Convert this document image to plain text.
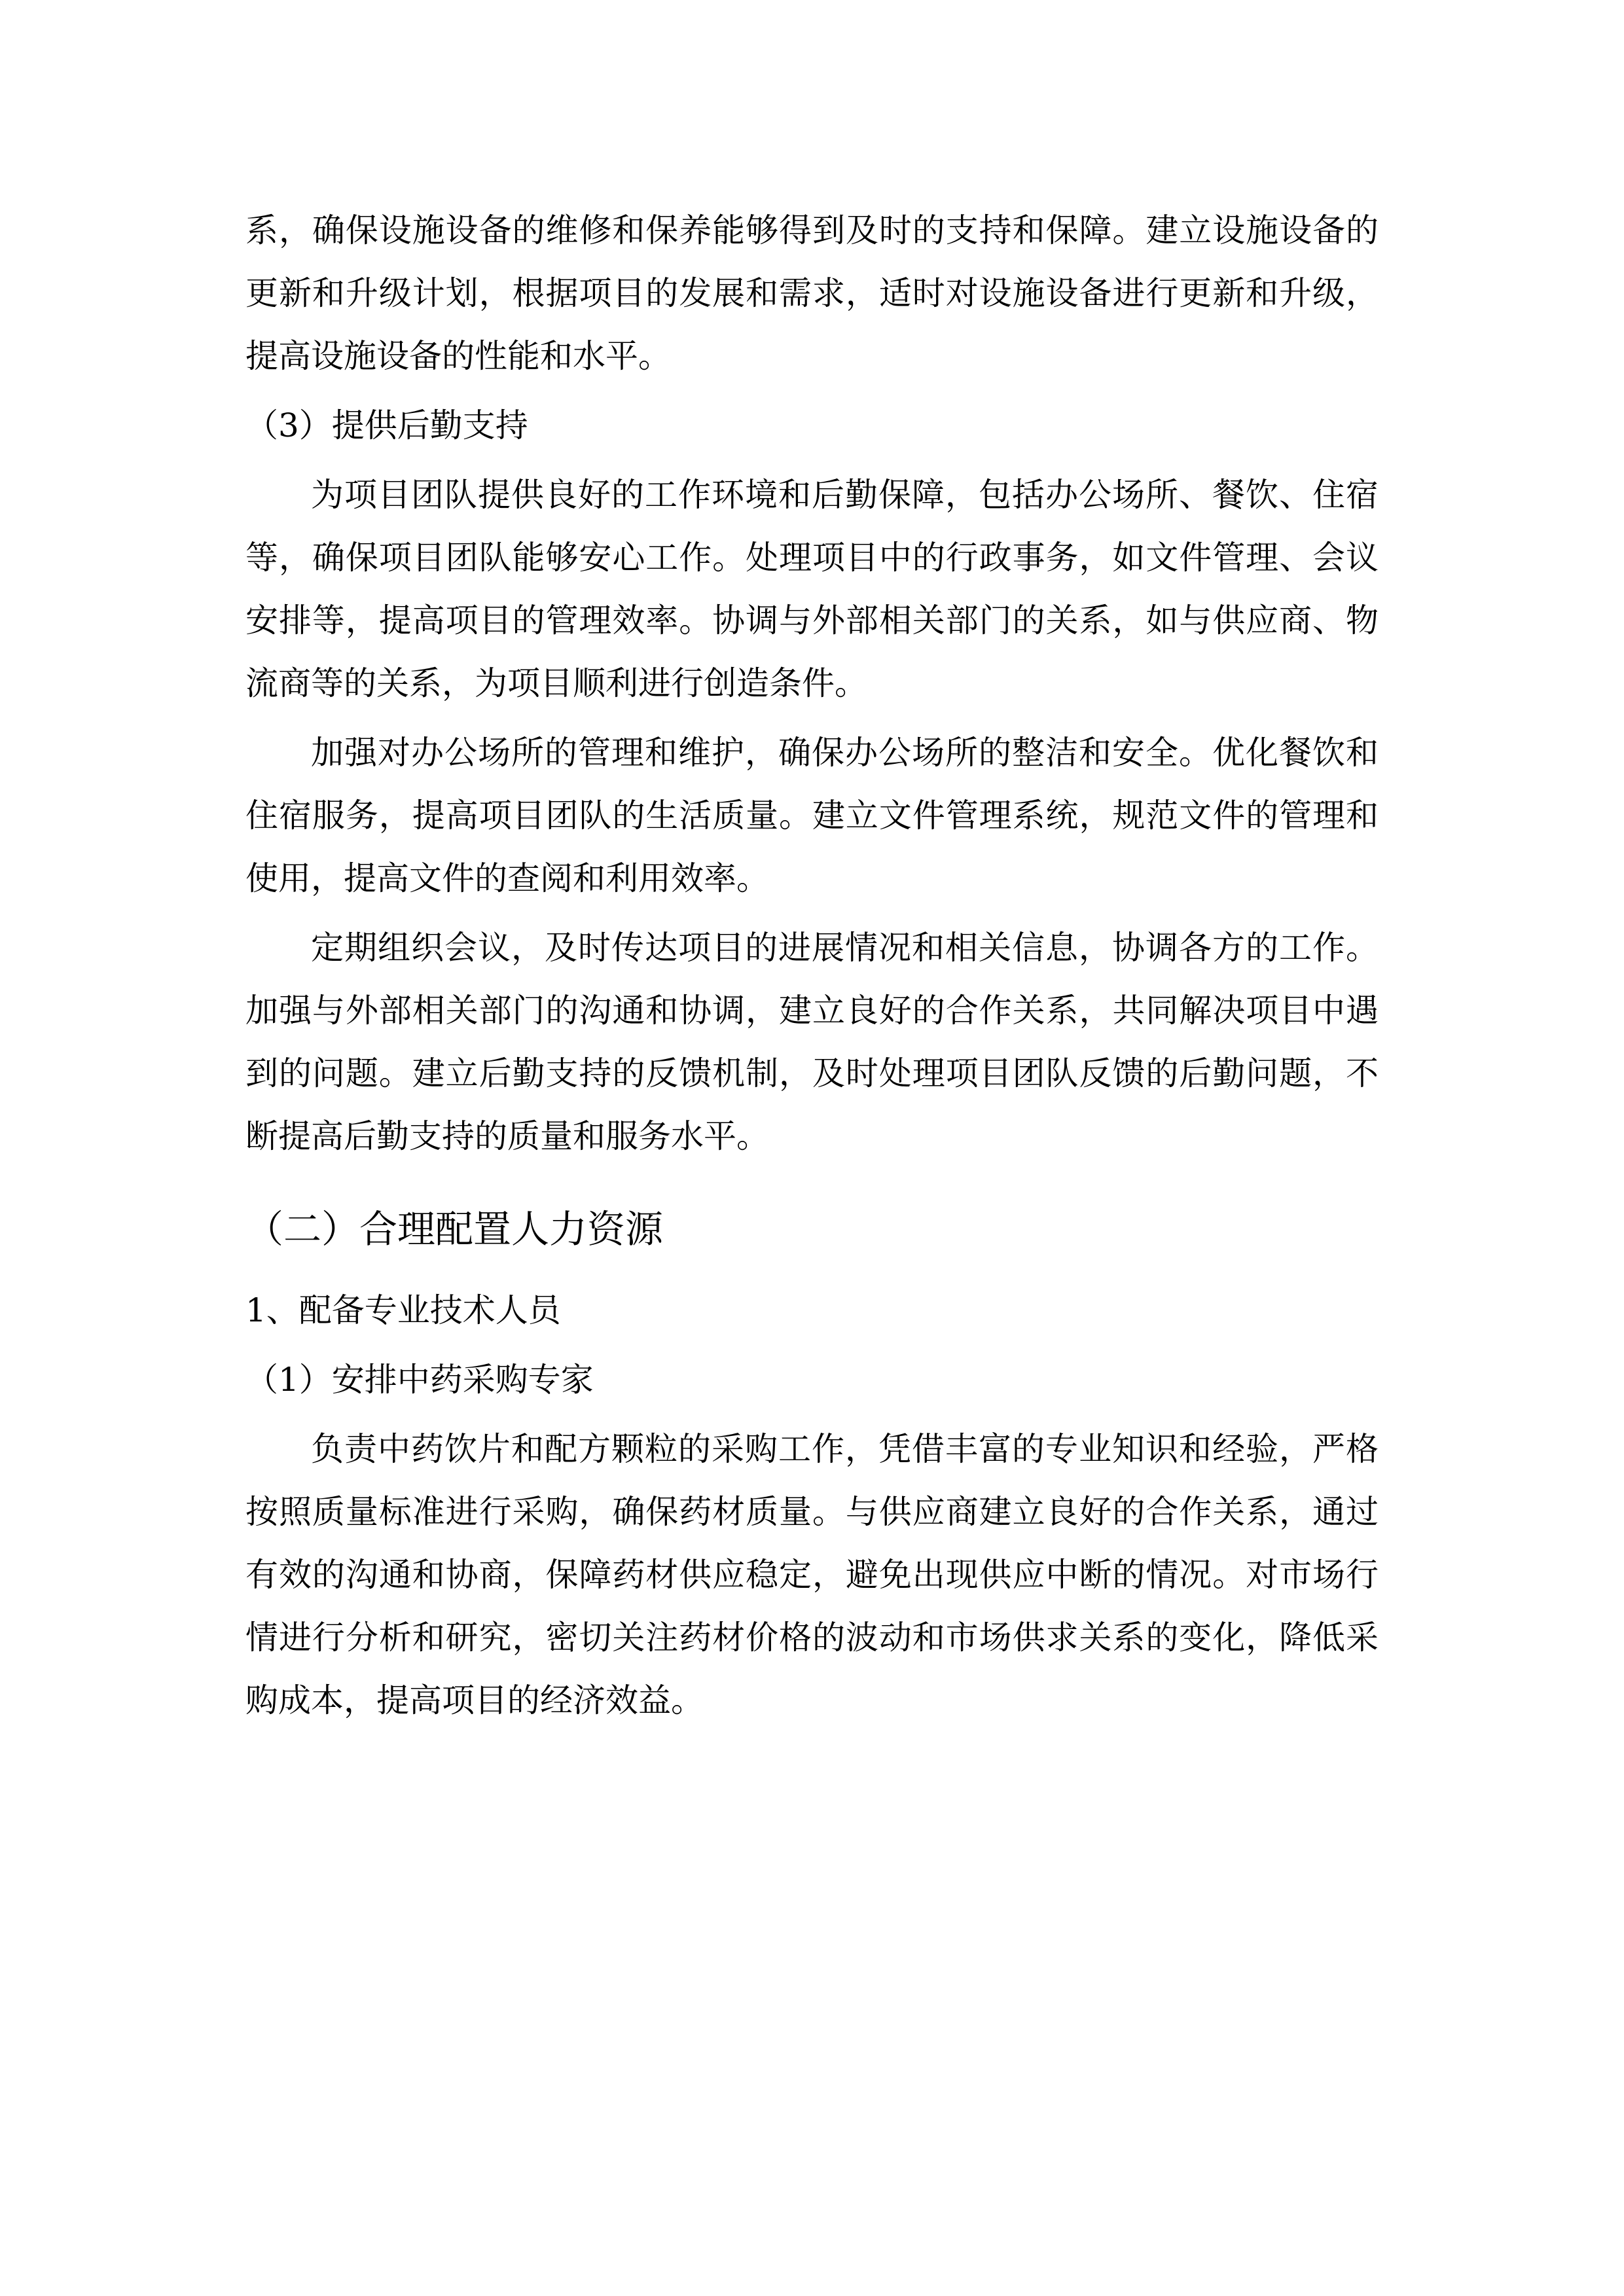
系，确保设施设备的维修和保养能够得到及时的支持和保障。建立设施设备的更新和升级计划，根据项目的发展和需求，适时对设施设备进行更新和升级，提高设施设备的性能和水平。

（3）提供后勤支持

为项目团队提供良好的工作环境和后勤保障，包括办公场所、餐饮、住宿等，确保项目团队能够安心工作。处理项目中的行政事务，如文件管理、会议安排等，提高项目的管理效率。协调与外部相关部门的关系，如与供应商、物流商等的关系，为项目顺利进行创造条件。

加强对办公场所的管理和维护，确保办公场所的整洁和安全。优化餐饮和住宿服务，提高项目团队的生活质量。建立文件管理系统，规范文件的管理和使用，提高文件的查阅和利用效率。

定期组织会议，及时传达项目的进展情况和相关信息，协调各方的工作。加强与外部相关部门的沟通和协调，建立良好的合作关系，共同解决项目中遇到的问题。建立后勤支持的反馈机制，及时处理项目团队反馈的后勤问题，不断提高后勤支持的质量和服务水平。

（二）合理配置人力资源

1、配备专业技术人员

（1）安排中药采购专家

负责中药饮片和配方颗粒的采购工作，凭借丰富的专业知识和经验，严格按照质量标准进行采购，确保药材质量。与供应商建立良好的合作关系，通过有效的沟通和协商，保障药材供应稳定，避免出现供应中断的情况。对市场行情进行分析和研究，密切关注药材价格的波动和市场供求关系的变化，降低采购成本，提高项目的经济效益。
